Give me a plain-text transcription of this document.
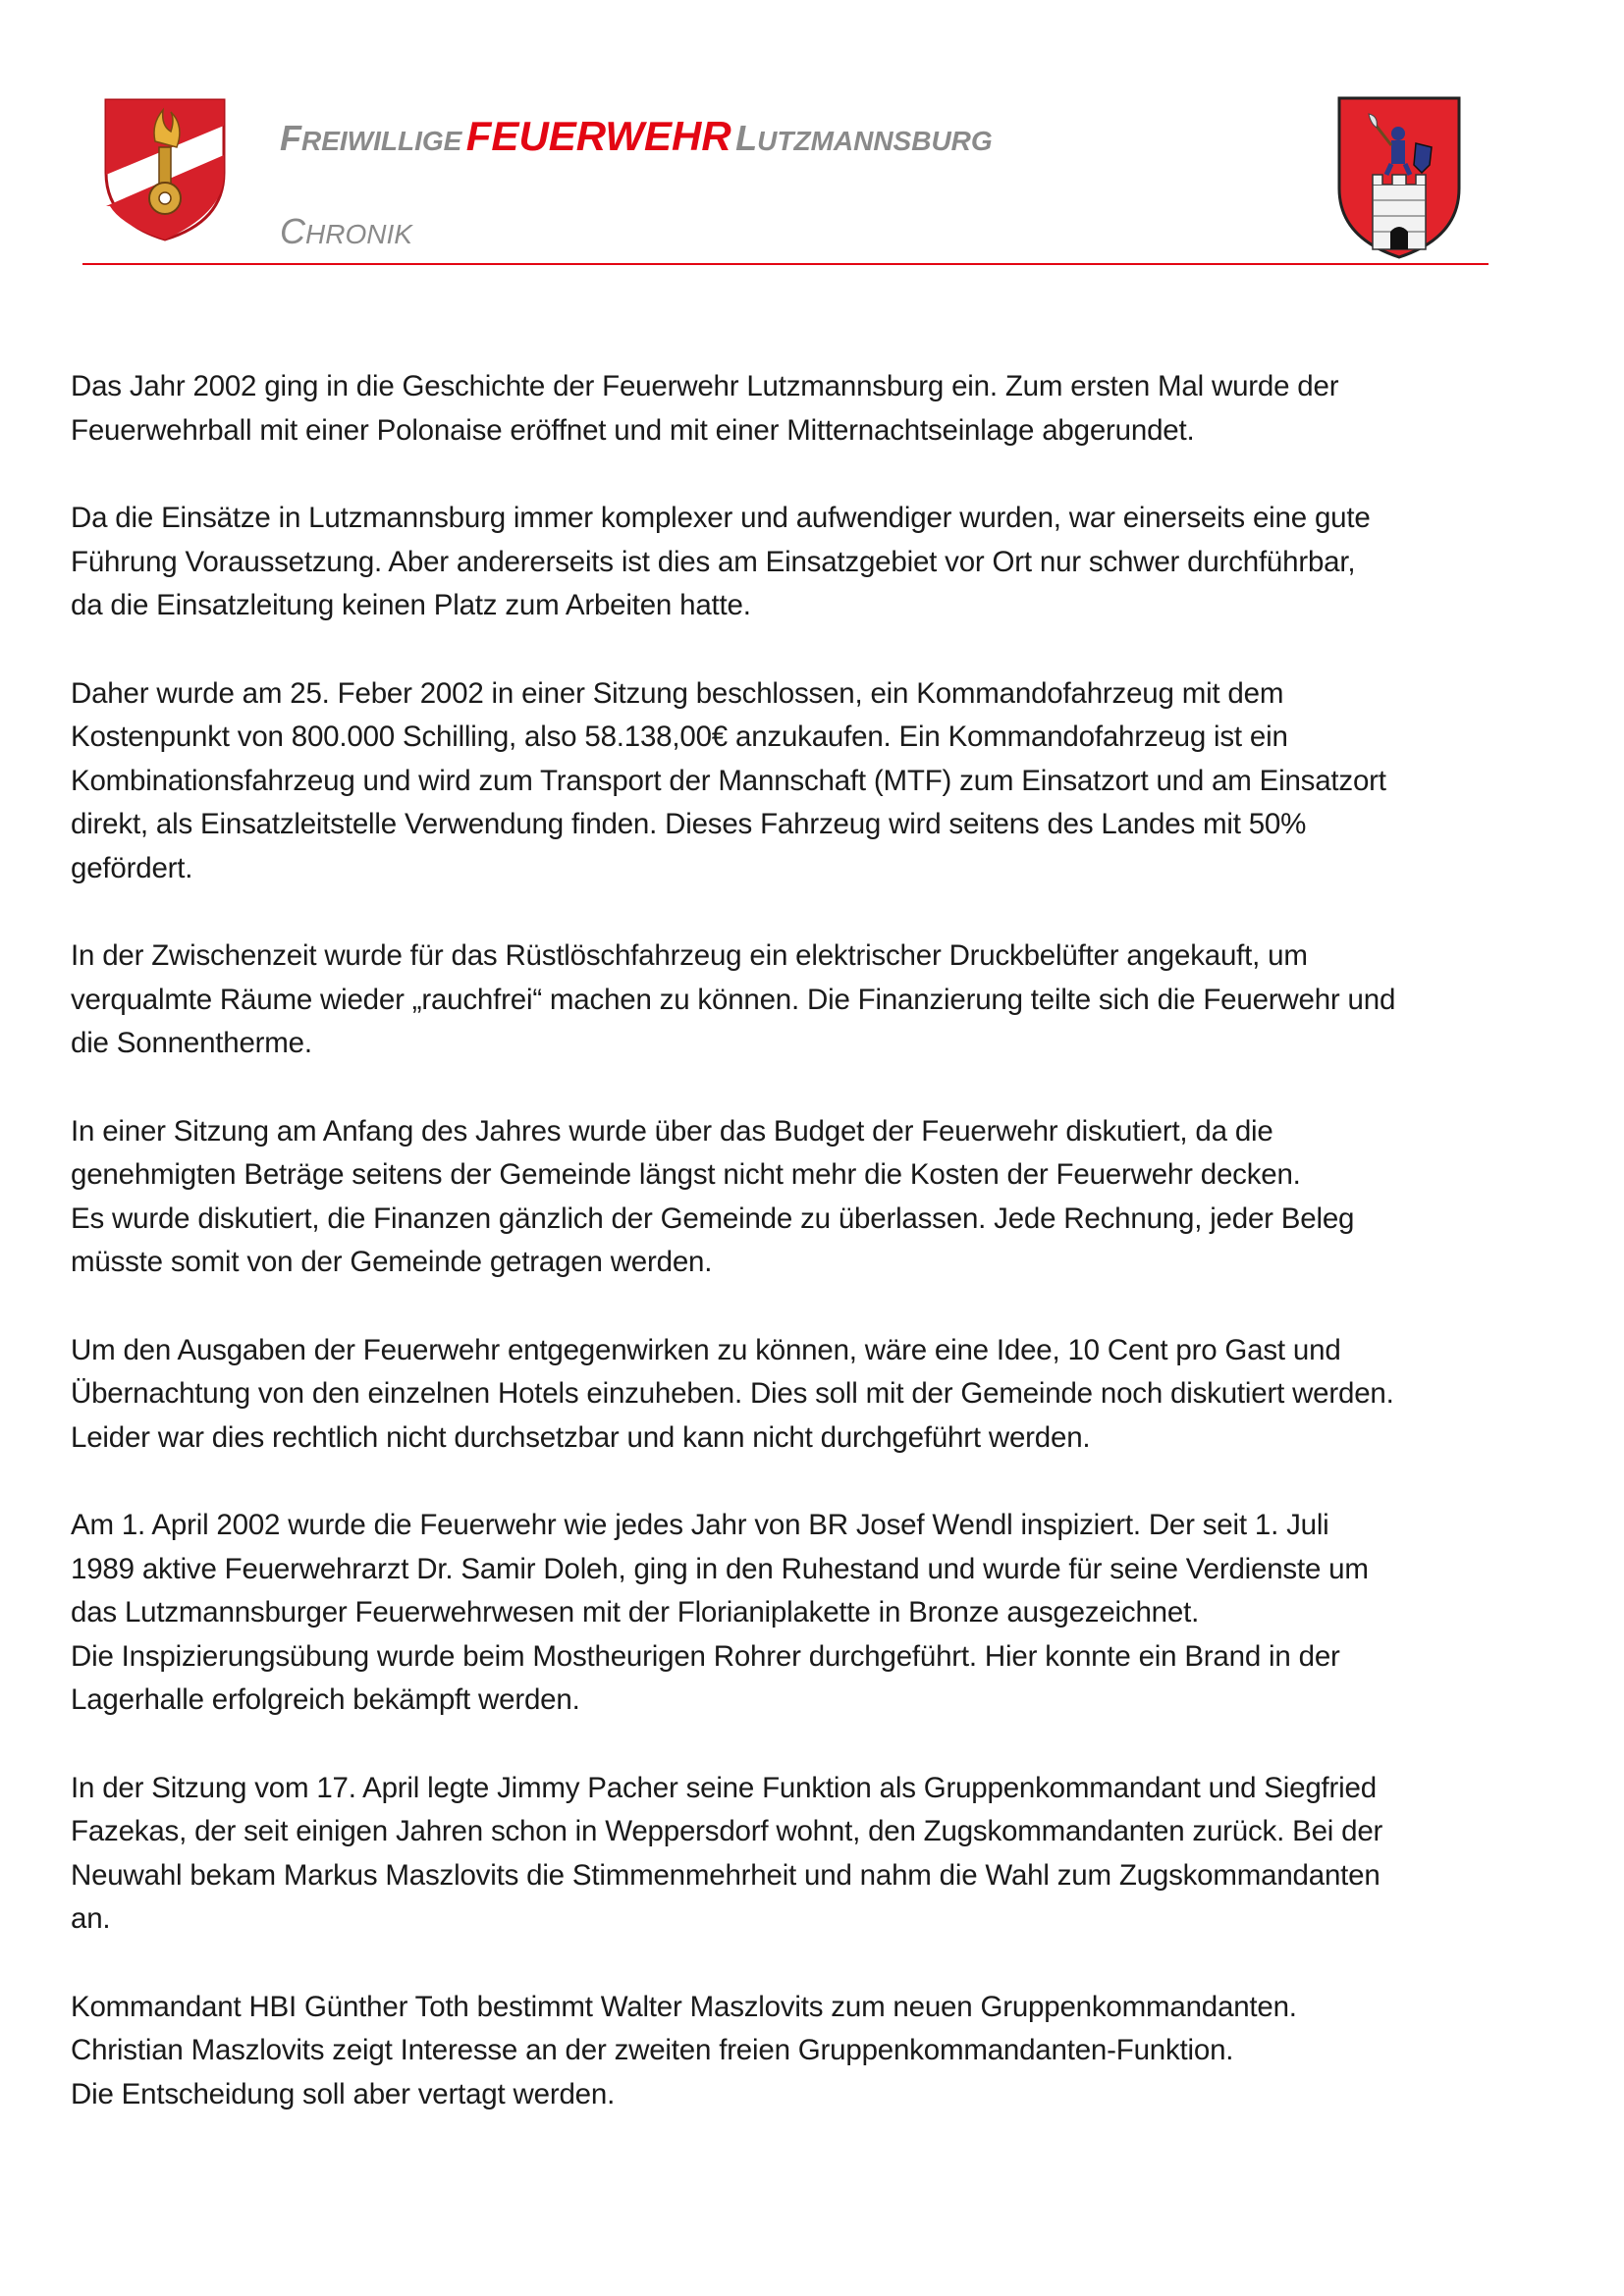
FREIWILLIGE FEUERWEHR LUTZMANNSBURG
CHRONIK

Das Jahr 2002 ging in die Geschichte der Feuerwehr Lutzmannsburg ein. Zum ersten Mal wurde der
Feuerwehrball mit einer Polonaise eröffnet und mit einer Mitternachtseinlage abgerundet.

Da die Einsätze in Lutzmannsburg immer komplexer und aufwendiger wurden, war einerseits eine gute
Führung Voraussetzung. Aber andererseits ist dies am Einsatzgebiet vor Ort nur schwer durchführbar,
da die Einsatzleitung keinen Platz zum Arbeiten hatte.

Daher wurde am 25. Feber 2002 in einer Sitzung beschlossen, ein Kommandofahrzeug mit dem
Kostenpunkt von 800.000 Schilling, also 58.138,00€ anzukaufen. Ein Kommandofahrzeug ist ein
Kombinationsfahrzeug und wird zum Transport der Mannschaft (MTF) zum Einsatzort und am Einsatzort
direkt, als Einsatzleitstelle Verwendung finden. Dieses Fahrzeug wird seitens des Landes mit 50%
gefördert.

In der Zwischenzeit wurde für das Rüstlöschfahrzeug ein elektrischer Druckbelüfter angekauft, um
verqualmte Räume wieder „rauchfrei“ machen zu können. Die Finanzierung teilte sich die Feuerwehr und
die Sonnentherme.

In einer Sitzung am Anfang des Jahres wurde über das Budget der Feuerwehr diskutiert, da die
genehmigten Beträge seitens der Gemeinde längst nicht mehr die Kosten der Feuerwehr decken.
Es wurde diskutiert, die Finanzen gänzlich der Gemeinde zu überlassen. Jede Rechnung, jeder Beleg
müsste somit von der Gemeinde getragen werden.

Um den Ausgaben der Feuerwehr entgegenwirken zu können, wäre eine Idee, 10 Cent pro Gast und
Übernachtung von den einzelnen Hotels einzuheben. Dies soll mit der Gemeinde noch diskutiert werden.
Leider war dies rechtlich nicht durchsetzbar und kann nicht durchgeführt werden.

Am 1. April 2002 wurde die Feuerwehr wie jedes Jahr von BR Josef Wendl inspiziert. Der seit 1. Juli
1989 aktive Feuerwehrarzt Dr. Samir Doleh, ging in den Ruhestand und wurde für seine Verdienste um
das Lutzmannsburger Feuerwehrwesen mit der Florianiplakette in Bronze ausgezeichnet.
Die Inspizierungsübung wurde beim Mostheurigen Rohrer durchgeführt. Hier konnte ein Brand in der
Lagerhalle erfolgreich bekämpft werden.

In der Sitzung vom 17. April legte Jimmy Pacher seine Funktion als Gruppenkommandant und Siegfried
Fazekas, der seit einigen Jahren schon in Weppersdorf wohnt, den Zugskommandanten zurück. Bei der
Neuwahl bekam Markus Maszlovits die Stimmenmehrheit und nahm die Wahl zum Zugskommandanten
an.

Kommandant HBI Günther Toth bestimmt Walter Maszlovits zum neuen Gruppenkommandanten.
Christian Maszlovits zeigt Interesse an der zweiten freien Gruppenkommandanten-Funktion.
Die Entscheidung soll aber vertagt werden.
